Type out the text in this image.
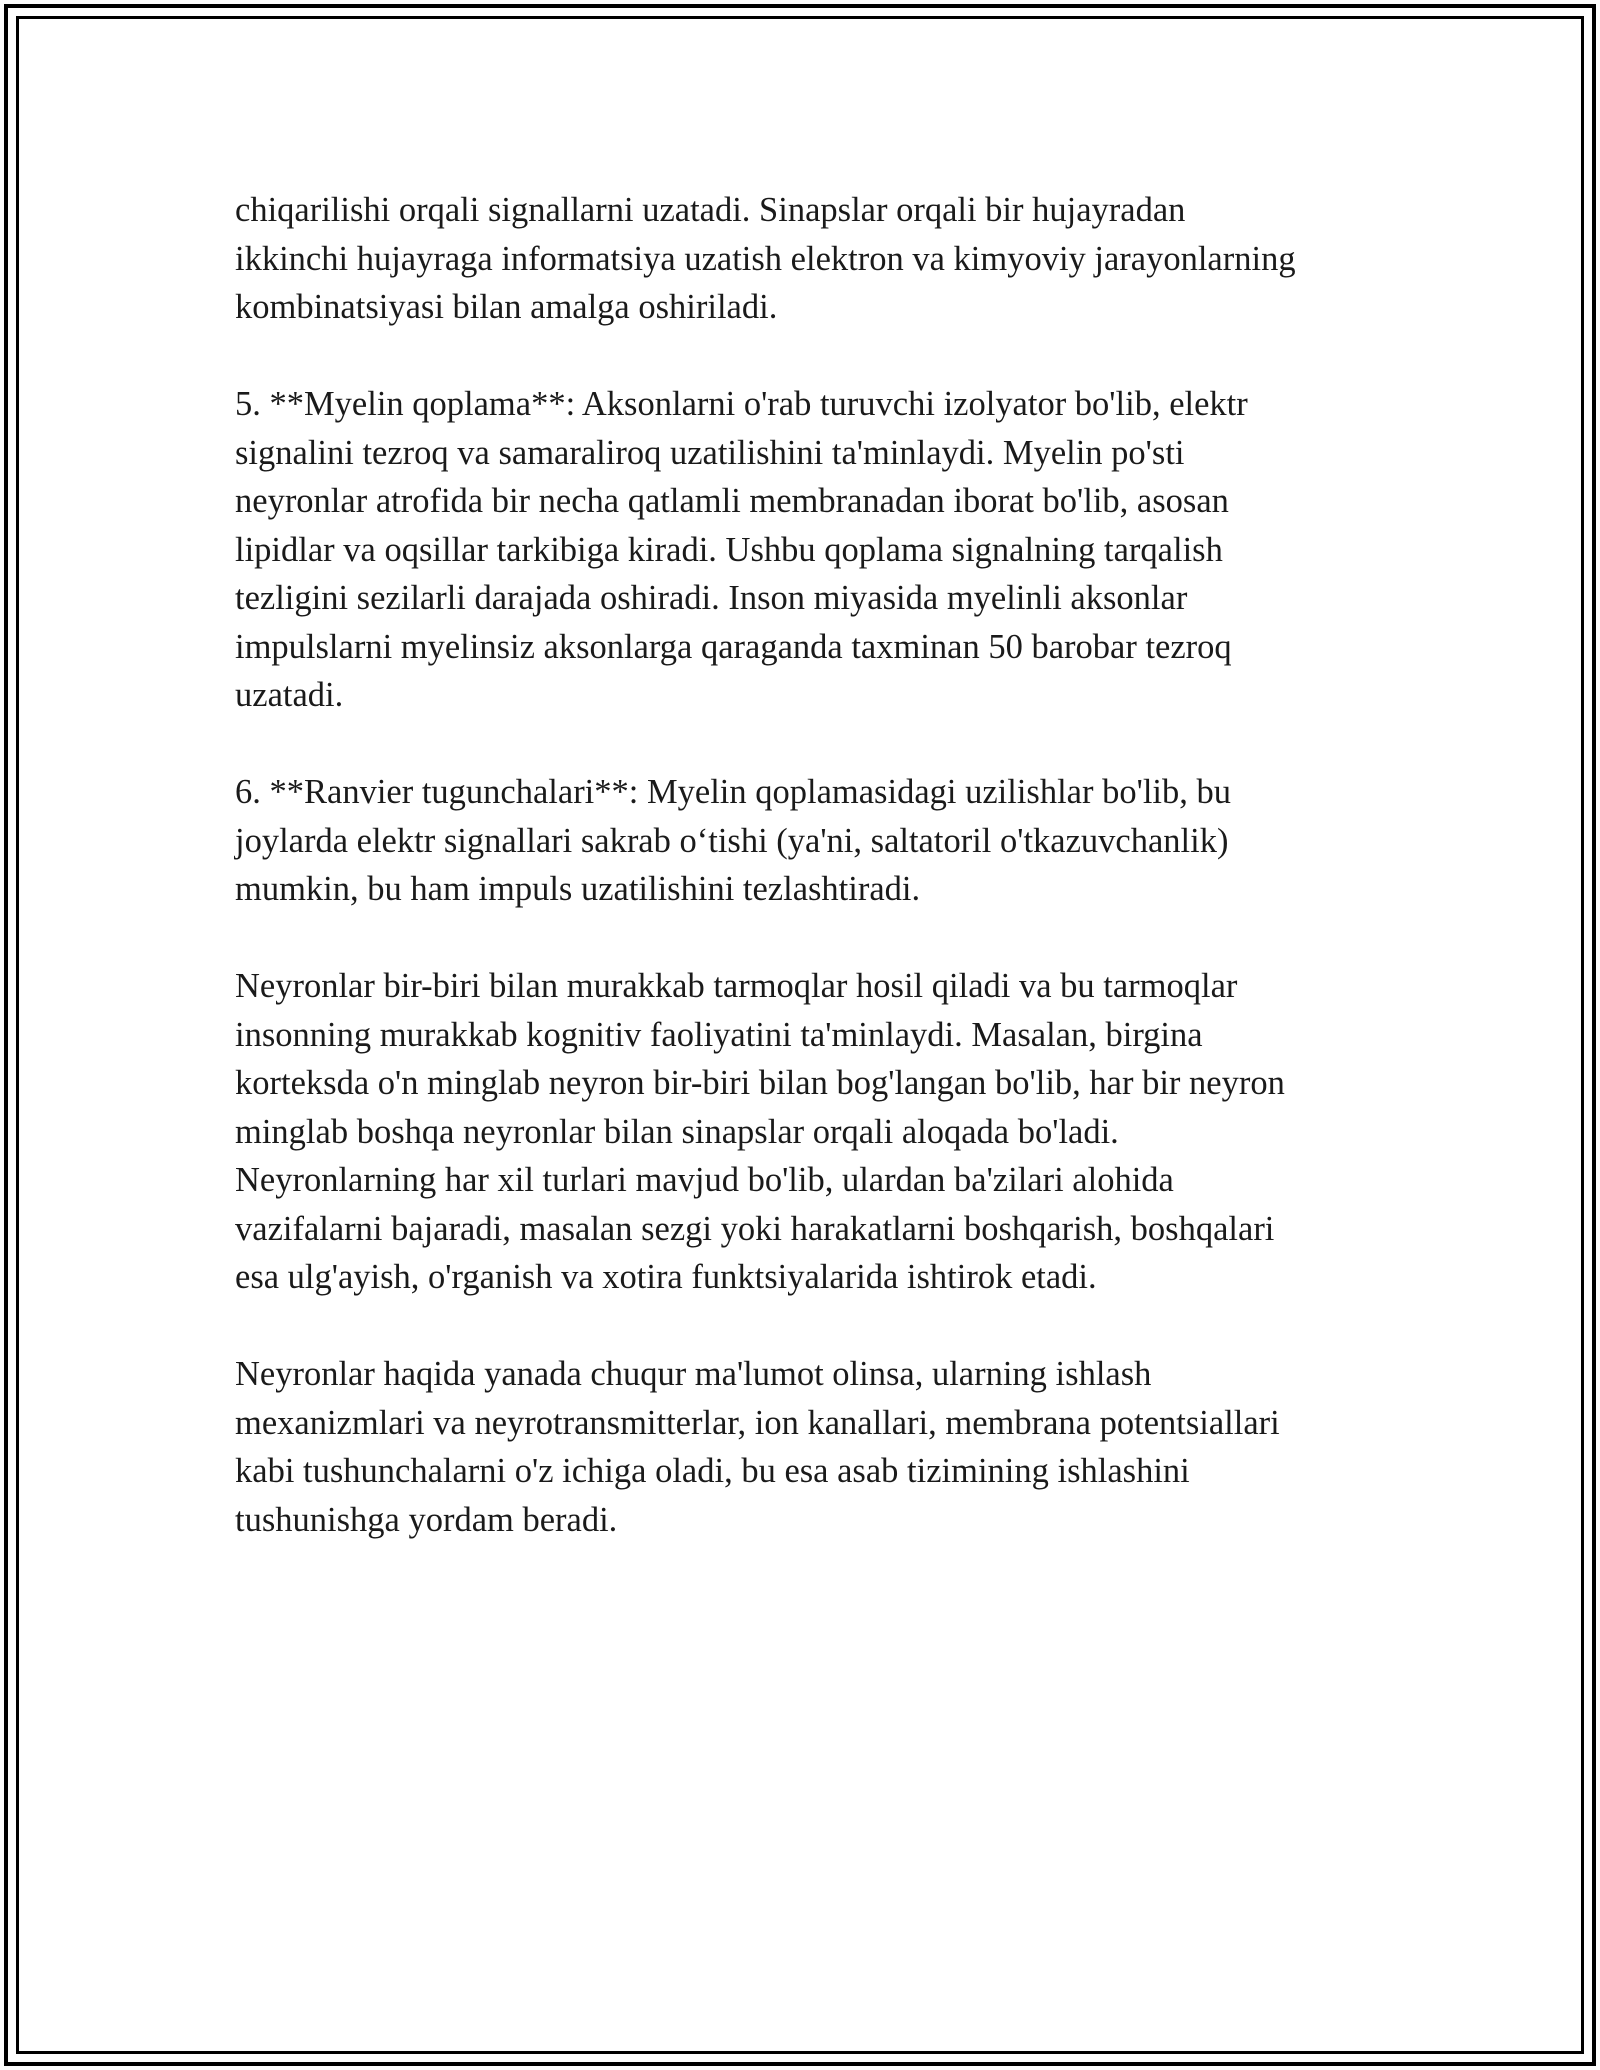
chiqarilishi orqali signallarni uzatadi. Sinapslar orqali bir hujayradan
ikkinchi hujayraga informatsiya uzatish elektron va kimyoviy jarayonlarning
kombinatsiyasi bilan amalga oshiriladi.

5. **Myelin qoplama**: Aksonlarni o'rab turuvchi izolyator bo'lib, elektr
signalini tezroq va samaraliroq uzatilishini ta'minlaydi. Myelin po'sti
neyronlar atrofida bir necha qatlamli membranadan iborat bo'lib, asosan
lipidlar va oqsillar tarkibiga kiradi. Ushbu qoplama signalning tarqalish
tezligini sezilarli darajada oshiradi. Inson miyasida myelinli aksonlar
impulslarni myelinsiz aksonlarga qaraganda taxminan 50 barobar tezroq
uzatadi.

6. **Ranvier tugunchalari**: Myelin qoplamasidagi uzilishlar bo'lib, bu
joylarda elektr signallari sakrab o‘tishi (ya'ni, saltatoril o'tkazuvchanlik)
mumkin, bu ham impuls uzatilishini tezlashtiradi.

Neyronlar bir-biri bilan murakkab tarmoqlar hosil qiladi va bu tarmoqlar
insonning murakkab kognitiv faoliyatini ta'minlaydi. Masalan, birgina
korteksda o'n minglab neyron bir-biri bilan bog'langan bo'lib, har bir neyron
minglab boshqa neyronlar bilan sinapslar orqali aloqada bo'ladi.
Neyronlarning har xil turlari mavjud bo'lib, ulardan ba'zilari alohida
vazifalarni bajaradi, masalan sezgi yoki harakatlarni boshqarish, boshqalari
esa ulg'ayish, o'rganish va xotira funktsiyalarida ishtirok etadi.

Neyronlar haqida yanada chuqur ma'lumot olinsa, ularning ishlash
mexanizmlari va neyrotransmitterlar, ion kanallari, membrana potentsiallari
kabi tushunchalarni o'z ichiga oladi, bu esa asab tizimining ishlashini
tushunishga yordam beradi.
